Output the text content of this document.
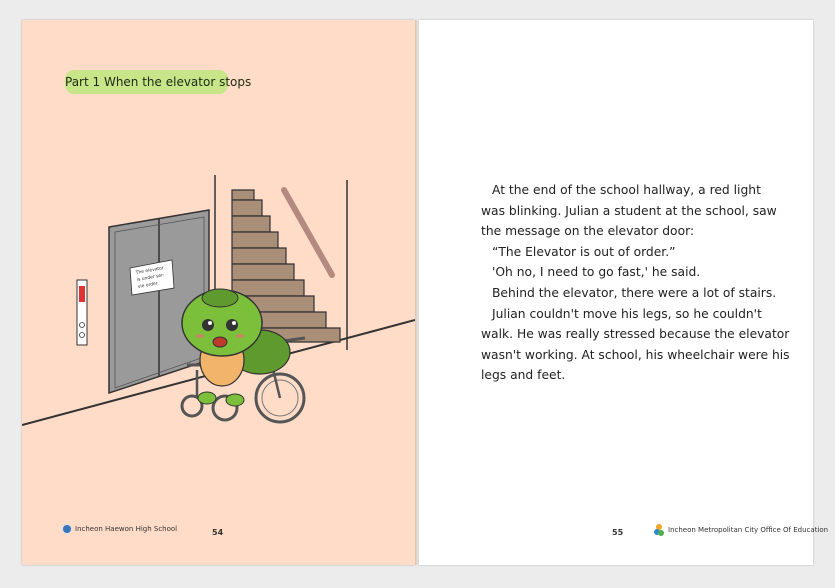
Part 1 When the elevator stops
The elevator
is under ser-
vie order.

At the end of the school hallway, a red light

was blinking. Julian a student at the school, saw

the message on the elevator door:

“The Elevator is out of order.”

'Oh no, I need to go fast,' he said.

Behind the elevator, there were a lot of stairs.

Julian couldn't move his legs, so he couldn't

walk. He was really stressed because the elevator

wasn't working. At school, his wheelchair were his

legs and feet.

Incheon Haewon High School	54	55	Incheon Metropolitan City Office Of Education
